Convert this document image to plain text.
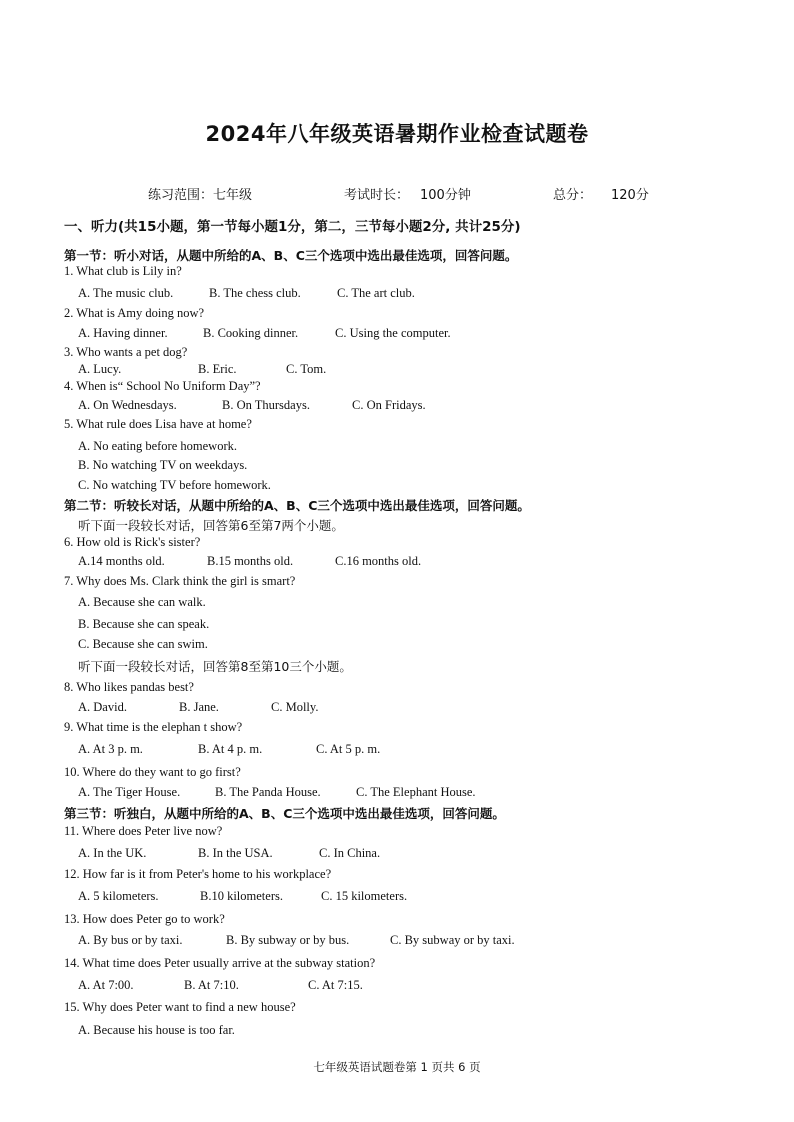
2024年八年级英语暑期作业检查试题卷
练习范围：七年级	考试时长： 100分钟	总分： 120分
一、听力(共15小题，第一节每小题1分，第二，三节每小题2分, 共计25分)
第一节：听小对话，从题中所给的A、B、C三个选项中选出最佳选项，回答问题。
1. What club is Lily in?
A. The music club.	B. The chess club.	C. The art club.
2. What is Amy doing now?
A. Having dinner.	B. Cooking dinner.	C. Using the computer.
3. Who wants a pet dog?
A. Lucy.	B. Eric.	C. Tom.
4. When is“ School No Uniform Day”?
A. On Wednesdays.	B. On Thursdays.	C. On Fridays.
5. What rule does Lisa have at home?
A. No eating before homework.
B. No watching TV on weekdays.
C. No watching TV before homework.
第二节：听较长对话，从题中所给的A、B、C三个选项中选出最佳选项，回答问题。
听下面一段较长对话，回答第6至第7两个小题。
6. How old is Rick's sister?
A.14 months old.	B.15 months old.	C.16 months old.
7. Why does Ms. Clark think the girl is smart?
A. Because she can walk.
B. Because she can speak.
C. Because she can swim.
听下面一段较长对话，回答第8至第10三个小题。
8. Who likes pandas best?
A. David.	B. Jane.	C. Molly.
9. What time is the elephan t show?
A. At 3 p. m.	B. At 4 p. m.	C. At 5 p. m.
10. Where do they want to go first?
A. The Tiger House.	B. The Panda House.	C. The Elephant House.
第三节：听独白，从题中所给的A、B、C三个选项中选出最佳选项，回答问题。
11. Where does Peter live now?
A. In the UK.	B. In the USA.	C. In China.
12. How far is it from Peter's home to his workplace?
A. 5 kilometers.	B.10 kilometers.	C. 15 kilometers.
13. How does Peter go to work?
A. By bus or by taxi.	B. By subway or by bus.	C. By subway or by taxi.
14. What time does Peter usually arrive at the subway station?
A. At 7:00.	B. At 7:10.	C. At 7:15.
15. Why does Peter want to find a new house?
A. Because his house is too far.
七年级英语试题卷第 1 页共 6 页
